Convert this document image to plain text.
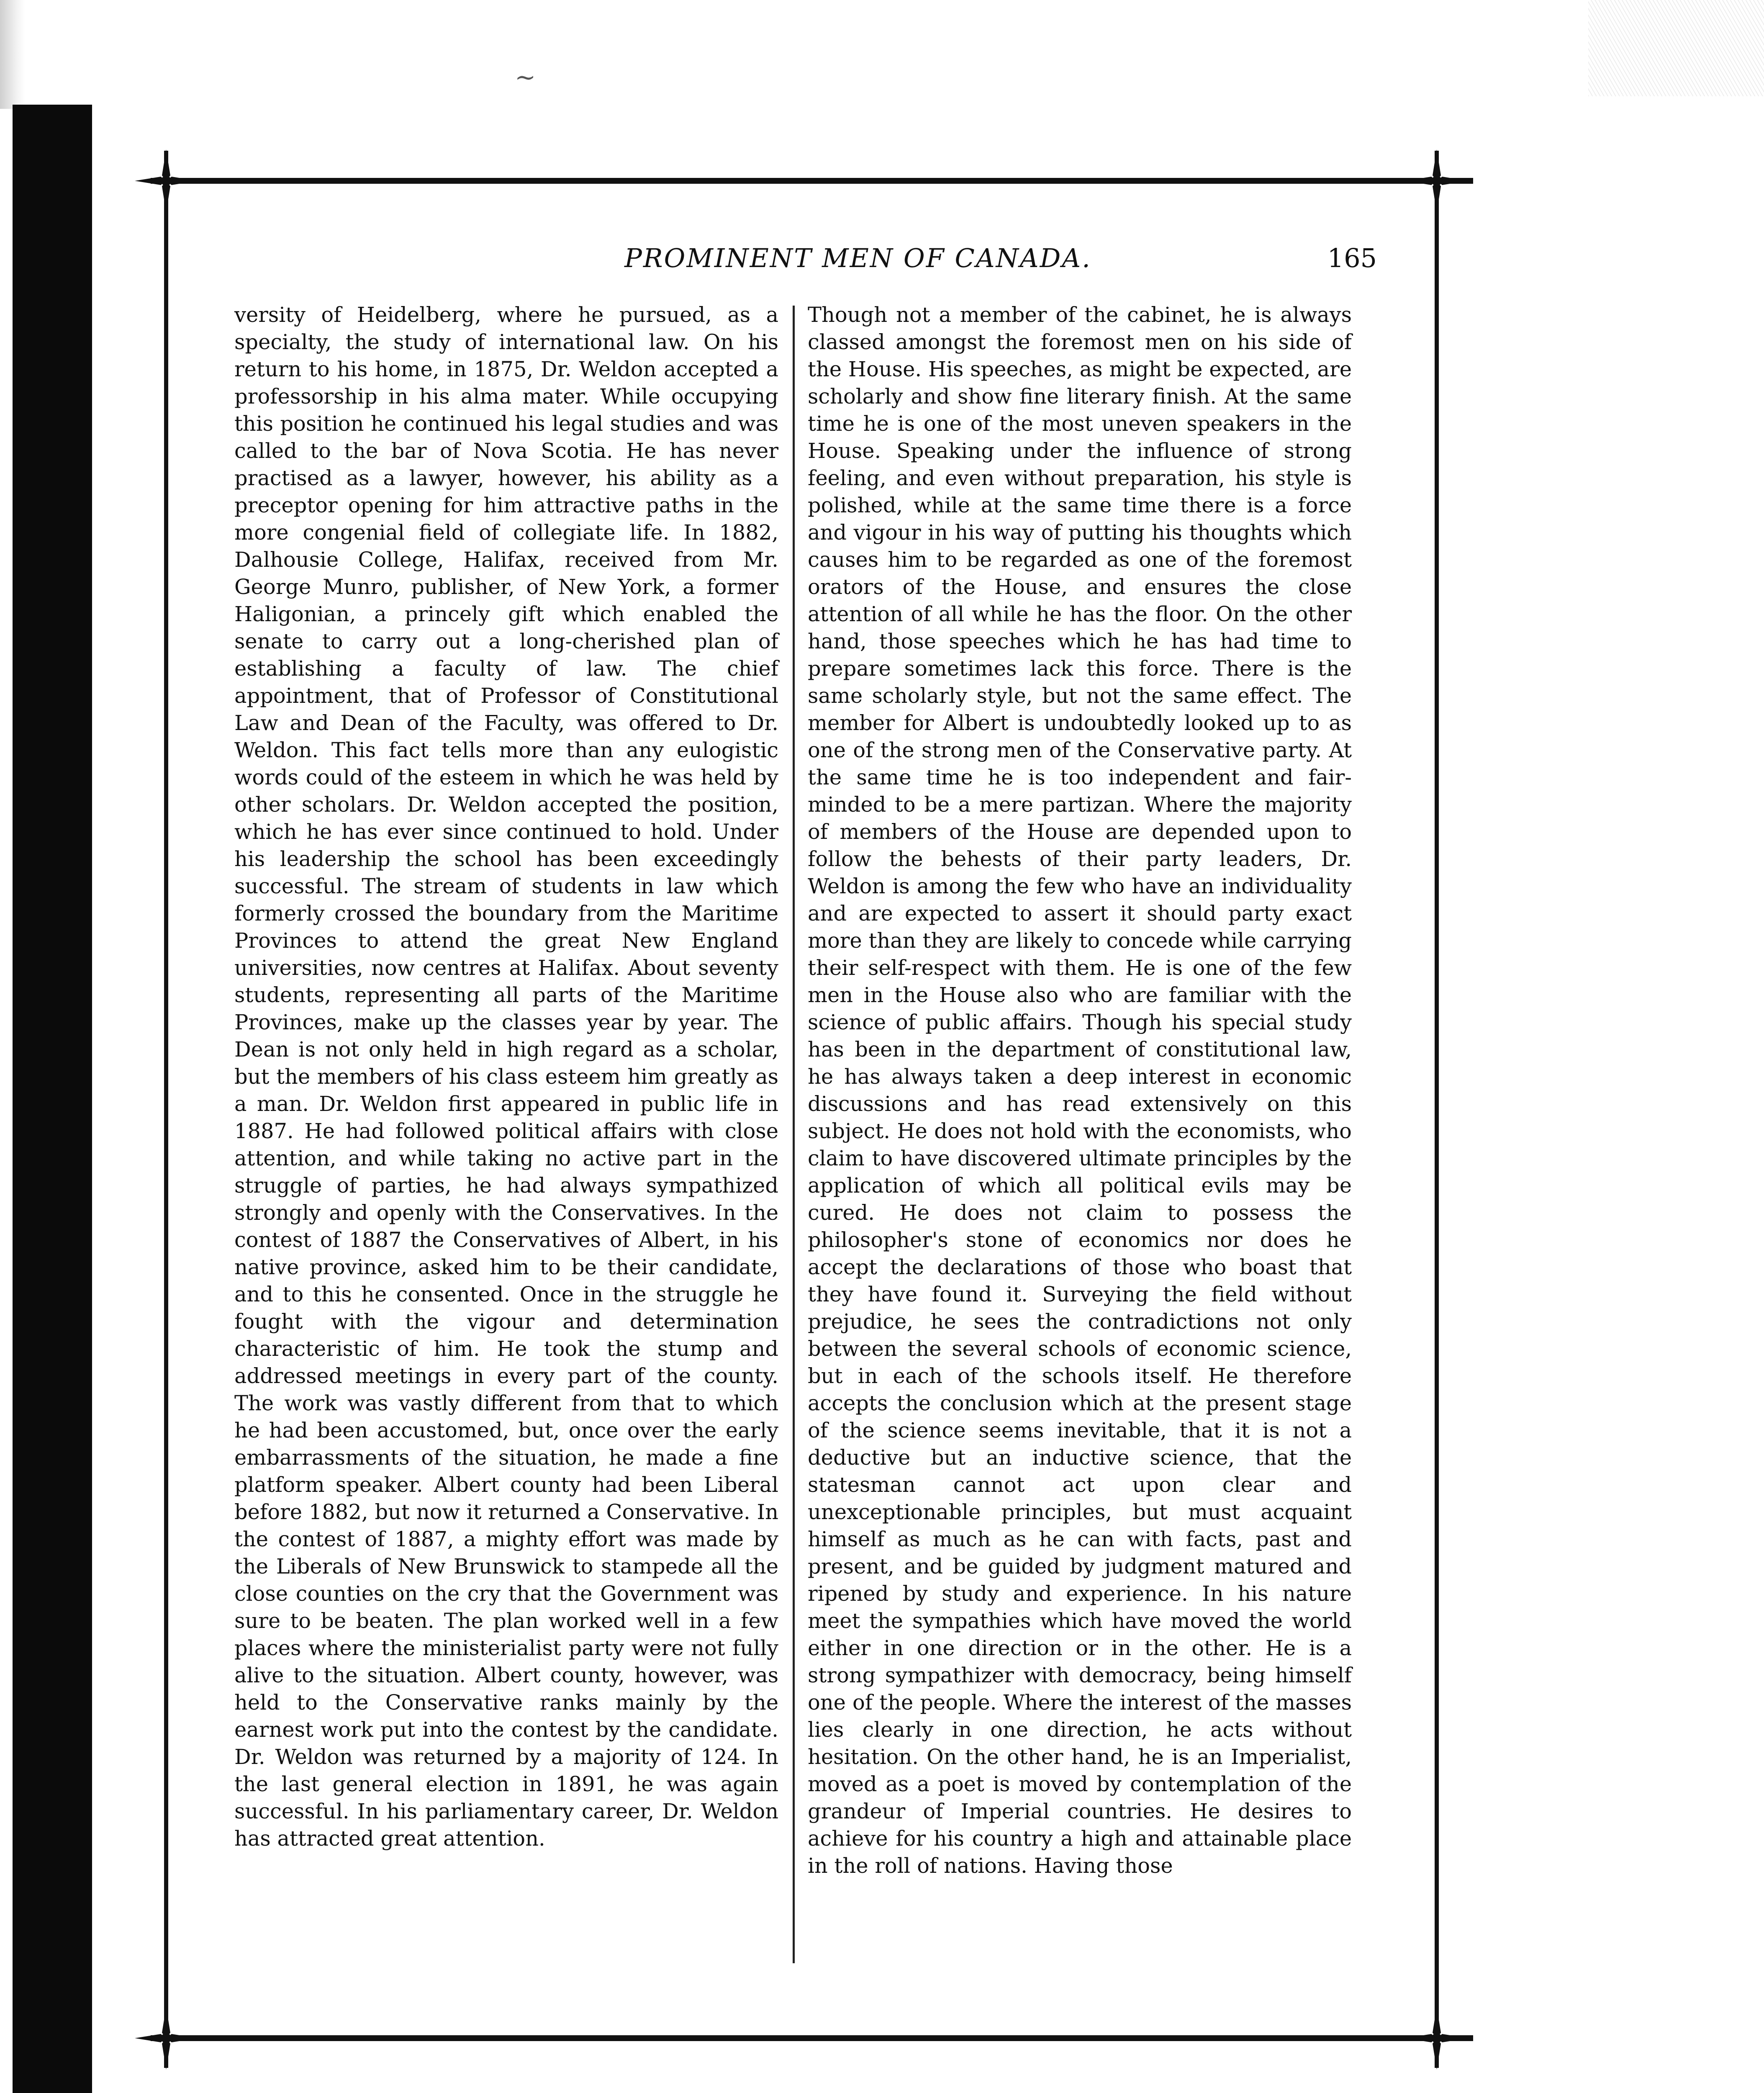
~
PROMINENT MEN OF CANADA.	165

versity of Heidelberg, where he pursued, as a specialty, the study of international law. On his return to his home, in 1875, Dr. Weldon accepted a professorship in his alma mater. While occupying this position he continued his legal studies and was called to the bar of Nova Scotia. He has never practised as a lawyer, however, his ability as a preceptor opening for him attractive paths in the more congenial field of collegiate life. In 1882, Dalhousie College, Halifax, received from Mr. George Munro, publisher, of New York, a former Haligonian, a princely gift which enabled the senate to carry out a long-cherished plan of establishing a faculty of law. The chief appointment, that of Professor of Constitutional Law and Dean of the Faculty, was offered to Dr. Weldon. This fact tells more than any eulogistic words could of the esteem in which he was held by other scholars. Dr. Weldon accepted the position, which he has ever since continued to hold. Under his leadership the school has been exceedingly successful. The stream of students in law which formerly crossed the boundary from the Maritime Provinces to attend the great New England universities, now centres at Halifax. About seventy students, representing all parts of the Maritime Provinces, make up the classes year by year. The Dean is not only held in high regard as a scholar, but the members of his class esteem him greatly as a man. Dr. Weldon first appeared in public life in 1887. He had followed political affairs with close attention, and while taking no active part in the struggle of parties, he had always sympathized strongly and openly with the Conservatives. In the contest of 1887 the Conservatives of Albert, in his native province, asked him to be their candidate, and to this he consented. Once in the struggle he fought with the vigour and determination characteristic of him. He took the stump and addressed meetings in every part of the county. The work was vastly different from that to which he had been accustomed, but, once over the early embarrassments of the situation, he made a fine platform speaker. Albert county had been Liberal before 1882, but now it returned a Conservative. In the contest of 1887, a mighty effort was made by the Liberals of New Brunswick to stampede all the close counties on the cry that the Government was sure to be beaten. The plan worked well in a few places where the ministerialist party were not fully alive to the situation. Albert county, however, was held to the Conservative ranks mainly by the earnest work put into the contest by the candidate. Dr. Weldon was returned by a majority of 124. In the last general election in 1891, he was again successful. In his parliamentary career, Dr. Weldon has attracted great attention.

Though not a member of the cabinet, he is always classed amongst the foremost men on his side of the House. His speeches, as might be expected, are scholarly and show fine literary finish. At the same time he is one of the most uneven speakers in the House. Speaking under the influence of strong feeling, and even without preparation, his style is polished, while at the same time there is a force and vigour in his way of putting his thoughts which causes him to be regarded as one of the foremost orators of the House, and ensures the close attention of all while he has the floor. On the other hand, those speeches which he has had time to prepare sometimes lack this force. There is the same scholarly style, but not the same effect. The member for Albert is undoubtedly looked up to as one of the strong men of the Conservative party. At the same time he is too independent and fair-minded to be a mere partizan. Where the majority of members of the House are depended upon to follow the behests of their party leaders, Dr. Weldon is among the few who have an individuality and are expected to assert it should party exact more than they are likely to concede while carrying their self-respect with them. He is one of the few men in the House also who are familiar with the science of public affairs. Though his special study has been in the department of constitutional law, he has always taken a deep interest in economic discussions and has read extensively on this subject. He does not hold with the economists, who claim to have discovered ultimate principles by the application of which all political evils may be cured. He does not claim to possess the philosopher's stone of economics nor does he accept the declarations of those who boast that they have found it. Surveying the field without prejudice, he sees the contradictions not only between the several schools of economic science, but in each of the schools itself. He therefore accepts the conclusion which at the present stage of the science seems inevitable, that it is not a deductive but an inductive science, that the statesman cannot act upon clear and unexceptionable principles, but must acquaint himself as much as he can with facts, past and present, and be guided by judgment matured and ripened by study and experience. In his nature meet the sympathies which have moved the world either in one direction or in the other. He is a strong sympathizer with democracy, being himself one of the people. Where the interest of the masses lies clearly in one direction, he acts without hesitation. On the other hand, he is an Imperialist, moved as a poet is moved by contemplation of the grandeur of Imperial countries. He desires to achieve for his country a high and attainable place in the roll of nations. Having those
